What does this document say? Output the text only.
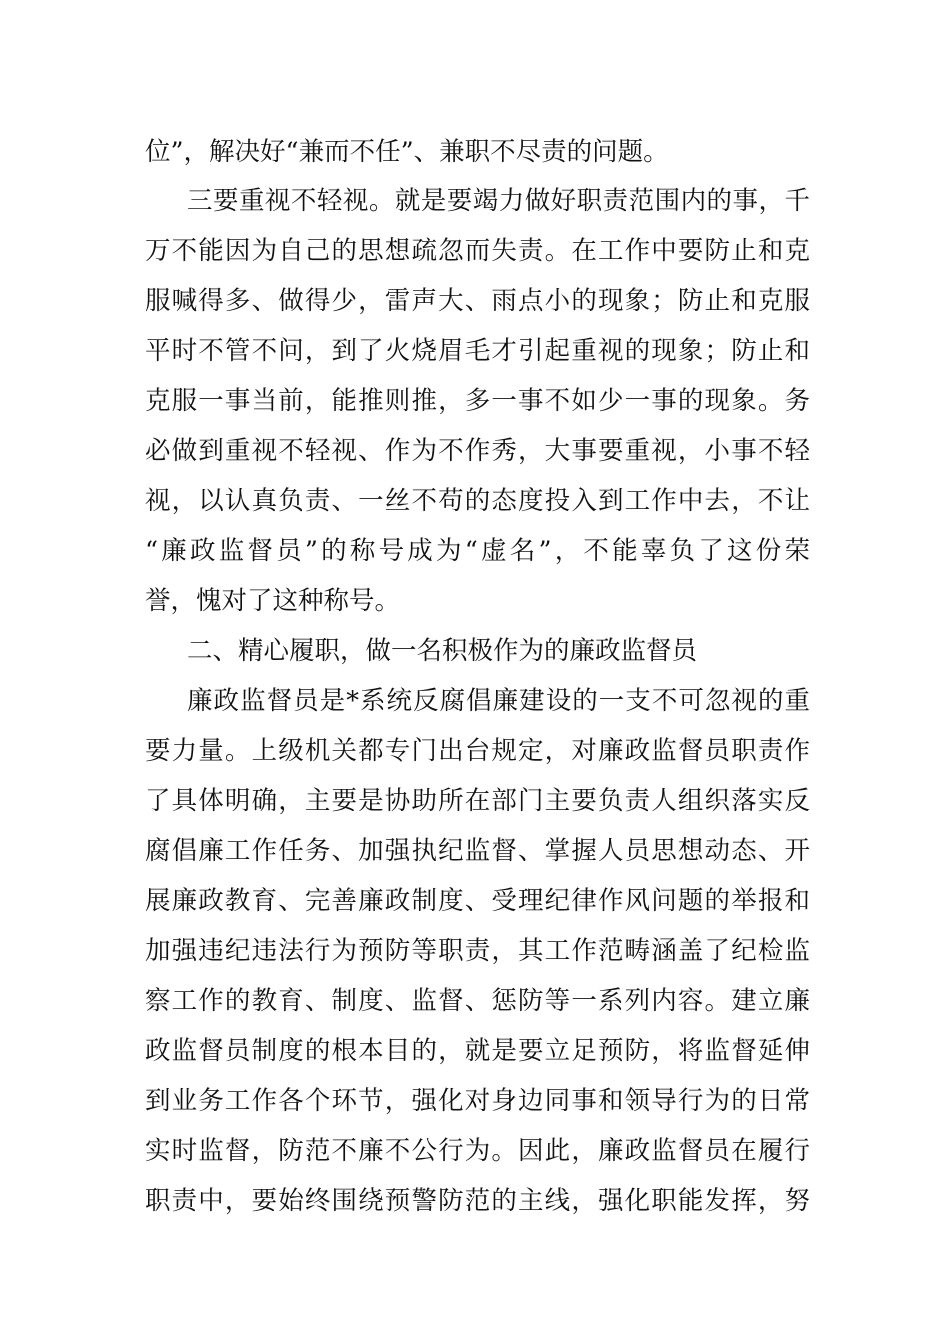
位”，解决好“兼而不任”、兼职不尽责的问题。
三要重视不轻视。就是要竭力做好职责范围内的事，千
万不能因为自己的思想疏忽而失责。在工作中要防止和克
服喊得多、做得少，雷声大、雨点小的现象；防止和克服
平时不管不问，到了火烧眉毛才引起重视的现象；防止和
克服一事当前，能推则推，多一事不如少一事的现象。务
必做到重视不轻视、作为不作秀，大事要重视，小事不轻
视，以认真负责、一丝不苟的态度投入到工作中去，不让
“廉政监督员”的称号成为“虚名”，不能辜负了这份荣
誉，愧对了这种称号。
二、精心履职，做一名积极作为的廉政监督员
廉政监督员是*系统反腐倡廉建设的一支不可忽视的重
要力量。上级机关都专门出台规定，对廉政监督员职责作
了具体明确，主要是协助所在部门主要负责人组织落实反
腐倡廉工作任务、加强执纪监督、掌握人员思想动态、开
展廉政教育、完善廉政制度、受理纪律作风问题的举报和
加强违纪违法行为预防等职责，其工作范畴涵盖了纪检监
察工作的教育、制度、监督、惩防等一系列内容。建立廉
政监督员制度的根本目的，就是要立足预防，将监督延伸
到业务工作各个环节，强化对身边同事和领导行为的日常
实时监督，防范不廉不公行为。因此，廉政监督员在履行
职责中，要始终围绕预警防范的主线，强化职能发挥，努
